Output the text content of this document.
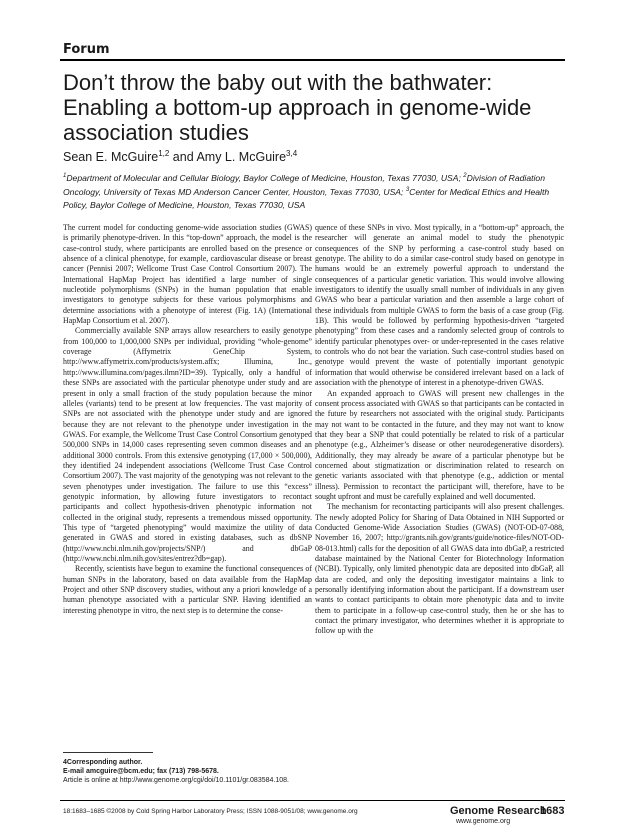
Forum
Don’t throw the baby out with the bathwater:
Enabling a bottom-up approach in genome-wide
association studies
Sean E. McGuire$^{1,2}$ and Amy L. McGuire$^{3,4}$
$^1$Department of Molecular and Cellular Biology, Baylor College of Medicine, Houston, Texas 77030, USA; $^2$Division of Radiation Oncology, University of Texas MD Anderson Cancer Center, Houston, Texas 77030, USA; $^3$Center for Medical Ethics and Health Policy, Baylor College of Medicine, Houston, Texas 77030, USA

The current model for conducting genome-wide association studies (GWAS) is primarily phenotype-driven. In this “top-down” approach, the model is the case-control study, where participants are enrolled based on the presence or absence of a clinical phenotype, for example, cardiovascular disease or breast cancer (Pennisi 2007; Wellcome Trust Case Control Consortium 2007). The International HapMap Project has identified a large number of single nucleotide polymorphisms (SNPs) in the human population that enable investigators to genotype subjects for these various polymorphisms and determine associations with a phenotype of interest (Fig. 1A) (International HapMap Consortium et al. 2007).

Commercially available SNP arrays allow researchers to easily genotype from 100,000 to 1,000,000 SNPs per individual, providing “whole-genome” coverage (Affymetrix GeneChip System, http://www.affymetrix.com/products/system.affx; Illumina, Inc., http://www.illumina.com/pages.ilmn?ID=39). Typically, only a handful of these SNPs are associated with the particular phenotype under study and are present in only a small fraction of the study population because the minor alleles (variants) tend to be present at low frequencies. The vast majority of SNPs are not associated with the phenotype under study and are ignored because they are not relevant to the phenotype under investigation in the GWAS. For example, the Wellcome Trust Case Control Consortium genotyped 500,000 SNPs in 14,000 cases representing seven common diseases and an additional 3000 controls. From this extensive genotyping (17,000 × 500,000), they identified 24 independent associations (Wellcome Trust Case Control Consortium 2007). The vast majority of the genotyping was not relevant to the seven phenotypes under investigation. The failure to use this “excess” genotypic information, by allowing future investigators to recontact participants and collect hypothesis-driven phenotypic information not collected in the original study, represents a tremendous missed opportunity. This type of “targeted phenotyping” would maximize the utility of data generated in GWAS and stored in existing databases, such as dbSNP (http://www.ncbi.nlm.nih.gov/projects/SNP/) and dbGaP (http://www.ncbi.nlm.nih.gov/sites/entrez?db=gap).

Recently, scientists have begun to examine the functional consequences of human SNPs in the laboratory, based on data available from the HapMap Project and other SNP discovery studies, without any a priori knowledge of a human phenotype associated with a particular SNP. Having identified an interesting phenotype in vitro, the next step is to determine the conse-

quence of these SNPs in vivo. Most typically, in a “bottom-up” approach, the researcher will generate an animal model to study the phenotypic consequences of the SNP by performing a case-control study based on genotype. The ability to do a similar case-control study based on genotype in humans would be an extremely powerful approach to understand the consequences of a particular genetic variation. This would involve allowing investigators to identify the usually small number of individuals in any given GWAS who bear a particular variation and then assemble a large cohort of these individuals from multiple GWAS to form the basis of a case group (Fig. 1B). This would be followed by performing hypothesis-driven “targeted phenotyping” from these cases and a randomly selected group of controls to identify particular phenotypes over- or under-represented in the cases relative to controls who do not bear the variation. Such case-control studies based on genotype would prevent the waste of potentially important genotypic information that would otherwise be considered irrelevant based on a lack of association with the phenotype of interest in a phenotype-driven GWAS.

An expanded approach to GWAS will present new challenges in the consent process associated with GWAS so that participants can be contacted in the future by researchers not associated with the original study. Participants may not want to be contacted in the future, and they may not want to know that they bear a SNP that could potentially be related to risk of a particular phenotype (e.g., Alzheimer’s disease or other neurodegenerative disorders). Additionally, they may already be aware of a particular phenotype but be concerned about stigmatization or discrimination related to research on genetic variants associated with that phenotype (e.g., addiction or mental illness). Permission to recontact the participant will, therefore, have to be sought upfront and must be carefully explained and well documented.

The mechanism for recontacting participants will also present challenges. The newly adopted Policy for Sharing of Data Obtained in NIH Supported or Conducted Genome-Wide Association Studies (GWAS) (NOT-OD-07-088, November 16, 2007; http://grants.nih.gov/grants/guide/notice-files/NOT-OD-08-013.html) calls for the deposition of all GWAS data into dbGaP, a restricted database maintained by the National Center for Biotechnology Information (NCBI). Typically, only limited phenotypic data are deposited into dbGaP, all data are coded, and only the depositing investigator maintains a link to personally identifying information about the participant. If a downstream user wants to contact participants to obtain more phenotypic data and to invite them to participate in a follow-up case-control study, then he or she has to contact the primary investigator, who determines whether it is appropriate to follow up with the

4Corresponding author.
E-mail amcguire@bcm.edu; fax (713) 798-5678.
Article is online at http://www.genome.org/cgi/doi/10.1101/gr.083584.108.
18:1683–1685 ©2008 by Cold Spring Harbor Laboratory Press; ISSN 1088-9051/08; www.genome.org	Genome Research
1683
www.genome.org
